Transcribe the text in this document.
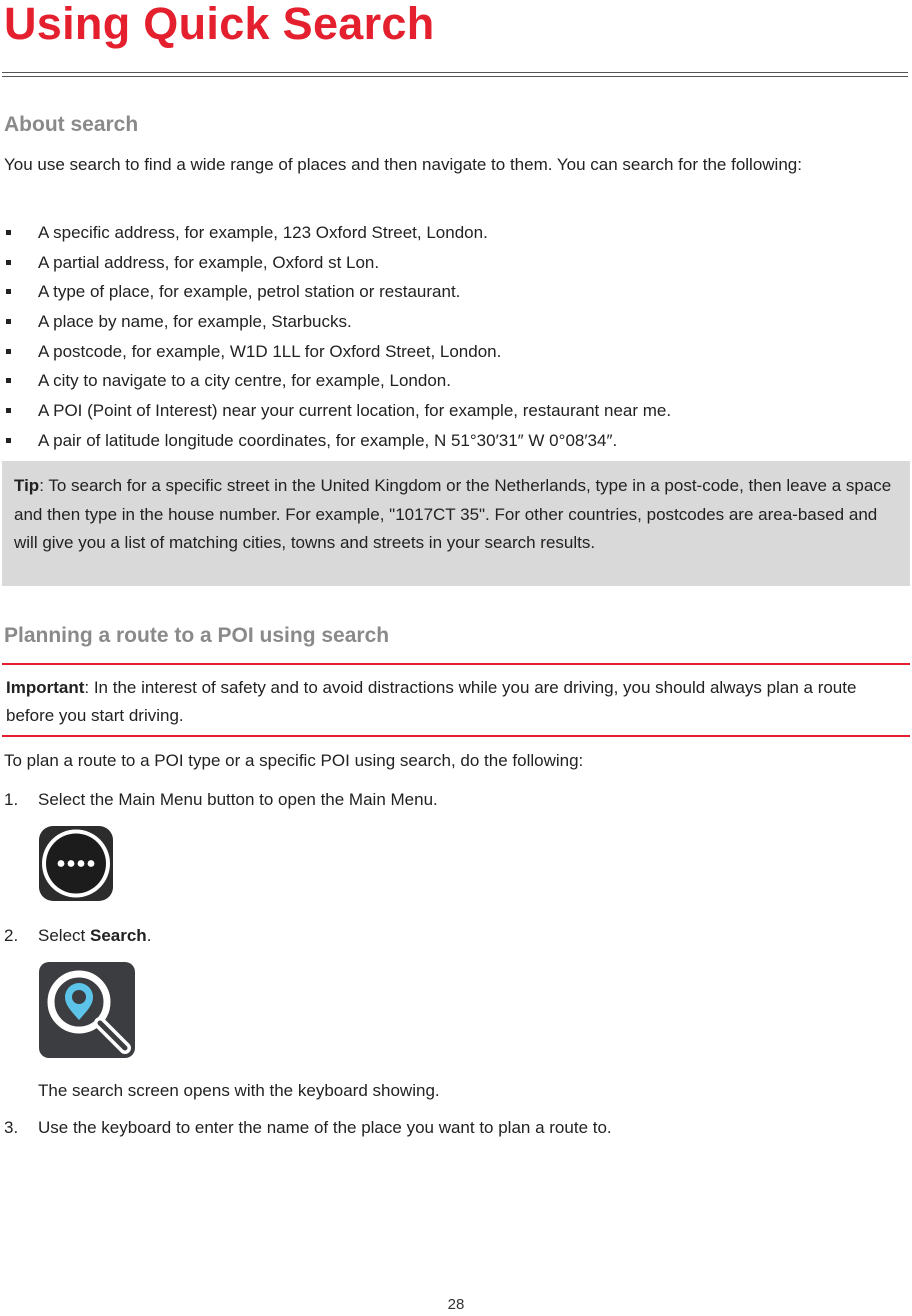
Using Quick Search
About search

You use search to find a wide range of places and then navigate to them. You can search for the following:

A specific address, for example, 123 Oxford Street, London.
A partial address, for example, Oxford st Lon.
A type of place, for example, petrol station or restaurant.
A place by name, for example, Starbucks.
A postcode, for example, W1D 1LL for Oxford Street, London.
A city to navigate to a city centre, for example, London.
A POI (Point of Interest) near your current location, for example, restaurant near me.
A pair of latitude longitude coordinates, for example, N 51°30′31″ W 0°08′34″.

Tip: To search for a specific street in the United Kingdom or the Netherlands, type in a post-code, then leave a space and then type in the house number. For example, "1017CT 35". For other countries, postcodes are area-based and will give you a list of matching cities, towns and streets in your search results.

Planning a route to a POI using search

Important: In the interest of safety and to avoid distractions while you are driving, you should always plan a route before you start driving.

To plan a route to a POI type or a specific POI using search, do the following:

1. Select the Main Menu button to open the Main Menu.
2. Select Search.
The search screen opens with the keyboard showing.
3. Use the keyboard to enter the name of the place you want to plan a route to.
28
